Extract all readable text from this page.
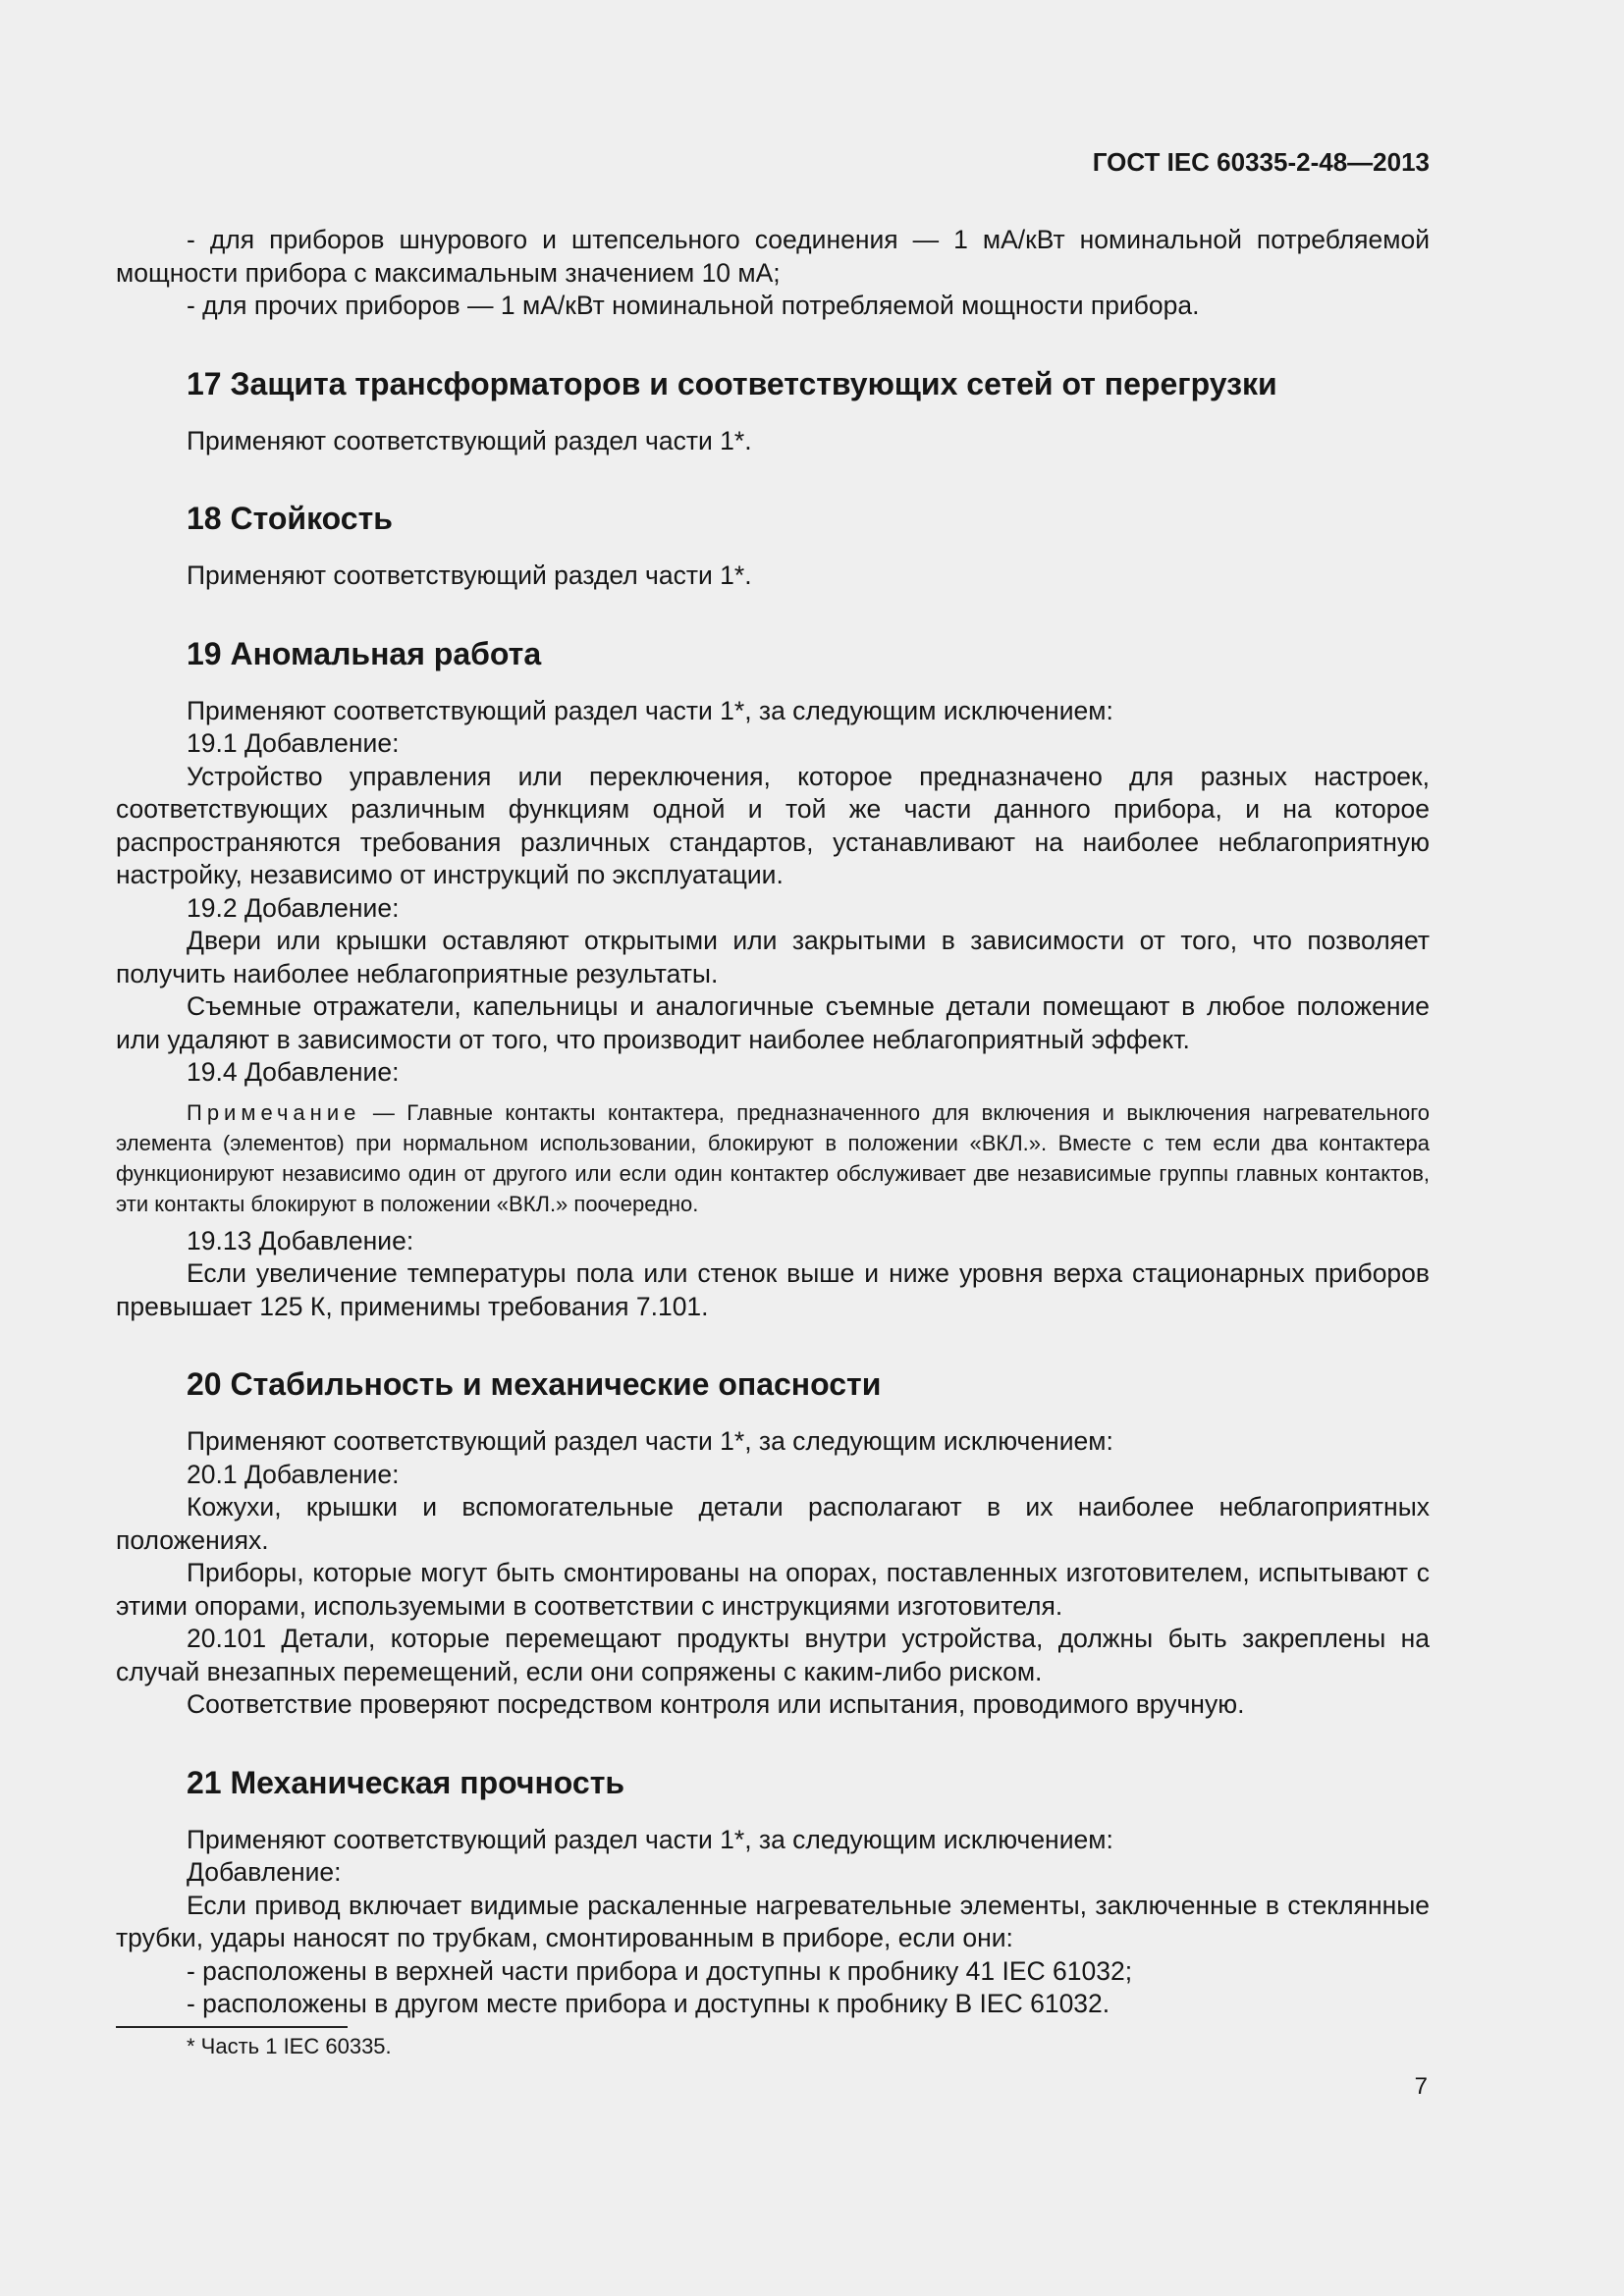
ГОСТ IEC 60335-2-48—2013

- для приборов шнурового и штепсельного соединения — 1 мА/кВт номинальной потребляемой мощности прибора с максимальным значением 10 мА;

- для прочих приборов — 1 мА/кВт номинальной потребляемой мощности прибора.

17 Защита трансформаторов и соответствующих сетей от перегрузки

Применяют соответствующий раздел части 1*.

18 Стойкость

Применяют соответствующий раздел части 1*.

19 Аномальная работа

Применяют соответствующий раздел части 1*, за следующим исключением:

19.1 Добавление:

Устройство управления или переключения, которое предназначено для разных настроек, соответствующих различным функциям одной и той же части данного прибора, и на которое распространяются требования различных стандартов, устанавливают на наиболее неблагоприятную настройку, независимо от инструкций по эксплуатации.

19.2 Добавление:

Двери или крышки оставляют открытыми или закрытыми в зависимости от того, что позволяет получить наиболее неблагоприятные результаты.

Съемные отражатели, капельницы и аналогичные съемные детали помещают в любое положение или удаляют в зависимости от того, что производит наиболее неблагоприятный эффект.

19.4 Добавление:

Примечание — Главные контакты контактера, предназначенного для включения и выключения нагревательного элемента (элементов) при нормальном использовании, блокируют в положении «ВКЛ.». Вместе с тем если два контактера функционируют независимо один от другого или если один контактер обслуживает две независимые группы главных контактов, эти контакты блокируют в положении «ВКЛ.» поочередно.

19.13 Добавление:

Если увеличение температуры пола или стенок выше и ниже уровня верха стационарных приборов превышает 125 К, применимы требования 7.101.

20 Стабильность и механические опасности

Применяют соответствующий раздел части 1*, за следующим исключением:

20.1 Добавление:

Кожухи, крышки и вспомогательные детали располагают в их наиболее неблагоприятных положениях.

Приборы, которые могут быть смонтированы на опорах, поставленных изготовителем, испытывают с этими опорами, используемыми в соответствии с инструкциями изготовителя.

20.101 Детали, которые перемещают продукты внутри устройства, должны быть закреплены на случай внезапных перемещений, если они сопряжены с каким-либо риском.

Соответствие проверяют посредством контроля или испытания, проводимого вручную.

21 Механическая прочность

Применяют соответствующий раздел части 1*, за следующим исключением:

Добавление:

Если привод включает видимые раскаленные нагревательные элементы, заключенные в стеклянные трубки, удары наносят по трубкам, смонтированным в приборе, если они:

- расположены в верхней части прибора и доступны к пробнику 41 IEC 61032;

- расположены в другом месте прибора и доступны к пробнику B IEC 61032.

* Часть 1 IEC 60335.
7
